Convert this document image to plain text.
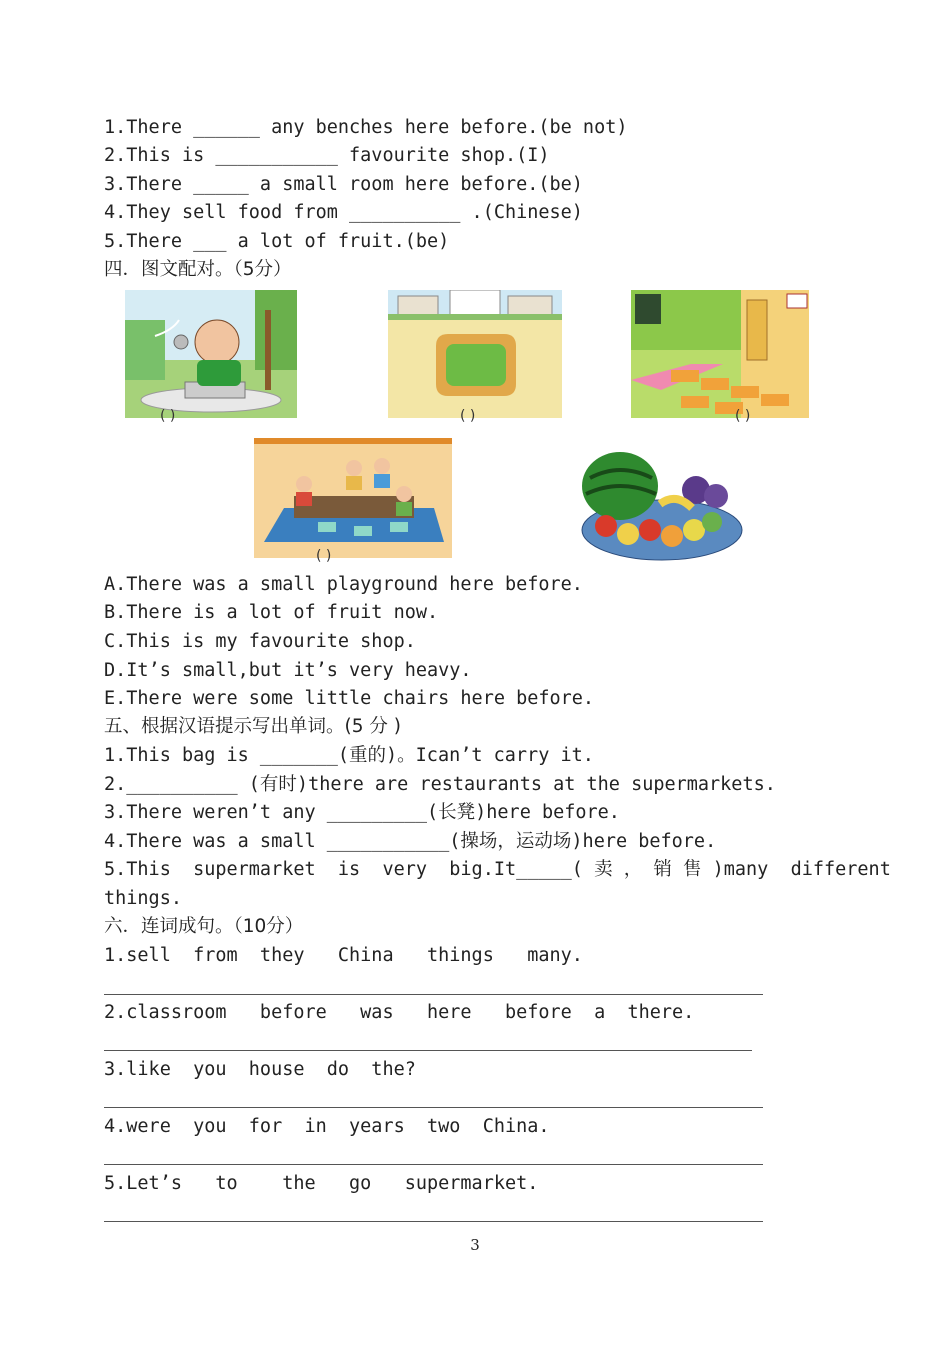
1.There ______ any benches here before.(be not)
2.This is ___________ favourite shop.(I)
3.There _____ a small room here before.(be)
4.They sell food from __________ .(Chinese)
5.There ___ a lot of fruit.(be)
四．图文配对。（5分）
( )	( )	( )
( )
A.There was a small playground here before.
B.There is a lot of fruit now.
C.This is my favourite shop.
D.It’s small,but it’s very heavy.
E.There were some little chairs here before.
五、根据汉语提示写出单词。(5 分 )
1.This bag is _______(重的)。Ican’t carry it.
2.__________ (有时)there are restaurants at the supermarkets.
3.There weren’t any _________(长凳)here before.
4.There was a small ___________(操场，运动场)here before.
5.This  supermarket  is  very  big.It_____( 卖 ， 销 售 )many  different
things.
六．连词成句。（10分）
1.sell  from  they   China   things   many.
2.classroom   before   was   here   before  a  there.
3.like  you  house  do  the?
4.were  you  for  in  years  two  China.
5.Let’s   to    the   go   supermarket.
3
